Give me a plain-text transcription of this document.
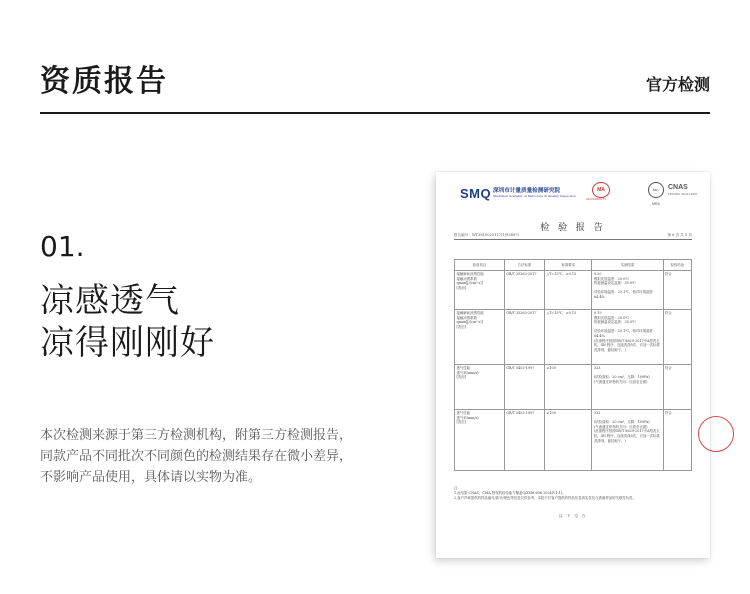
资质报告	官方检测
01.
凉感透气
凉得刚刚好
本次检测来源于第三方检测机构，附第三方检测报告，
同款产品不同批次不同颜色的检测结果存在微小差异，
不影响产品使用，具体请以实物为准。
SMQ 深圳市计量质量检测研究院
Shenzhen Academy of Metrology & Quality Inspection
MA
2020190081F2
ilac-MRA
CNAS
TESTING CNAS L0281
检 验 报 告
报告编号：WT3810025117(1)93497)	第 6 页 共 5 页
检验项目	方法标准	标准要求	实测结果	检验结论
接触瞬间凉感性能
接触凉感系数
qmax[J/(cm²·s)]
[洗前]	GB/T 35263-2017	△T=15℃，≥0.15	0.20
模拟皮肤温度：20.0℃
热板测温设定温度：35.0℃

试验环境温度：20.1℃，相对环境湿度：64.4%	符合
接触瞬间凉感性能
接触凉感系数
qmax[J/(cm²·s)]
[洗后]	GB/T 35263-2017	△T=15℃，≥0.15	0.19
模拟皮肤温度：20.0℃
热板测温设定温度：35.0℃

试验环境温度：20.1℃，相对环境湿度：64.4%
(洗涤程序按照GB/T 8629-2017中A型洗衣机，4N 程序，连续洗涤5次，仅加一次标准洗涤剂，悬挂晾干。)	符合
透气性能
透气率(mm/s)
[洗前]	GB/T 5453-1997	≥100	323

(试验面积：20 cm²，压降：100Pa)
(气流通过织物的方向：反面至正面)	符合
透气性能
透气率(mm/s)
[洗后]	GB/T 5453-1997	≥100	322

(试验面积：20 cm²，压降：100Pa)
(气流通过织物的方向：反面至正面)
(洗涤程序按照GB/T 8629-2017中A型洗衣机，4N 程序，连续洗涤5次，仅加一次标准洗涤剂，悬挂晾干。)	符合
注：
1.此结果 CNAS、CMA 授权的检验能力覆盖Q/ZSM 606-2024(V1.1)。
2.客户声称提供的样品编号/款号/颜色等信息仅供参考，本院不对客户提供的样品信息真实性及与被测样品的关联性负责。
以 下 空 白
